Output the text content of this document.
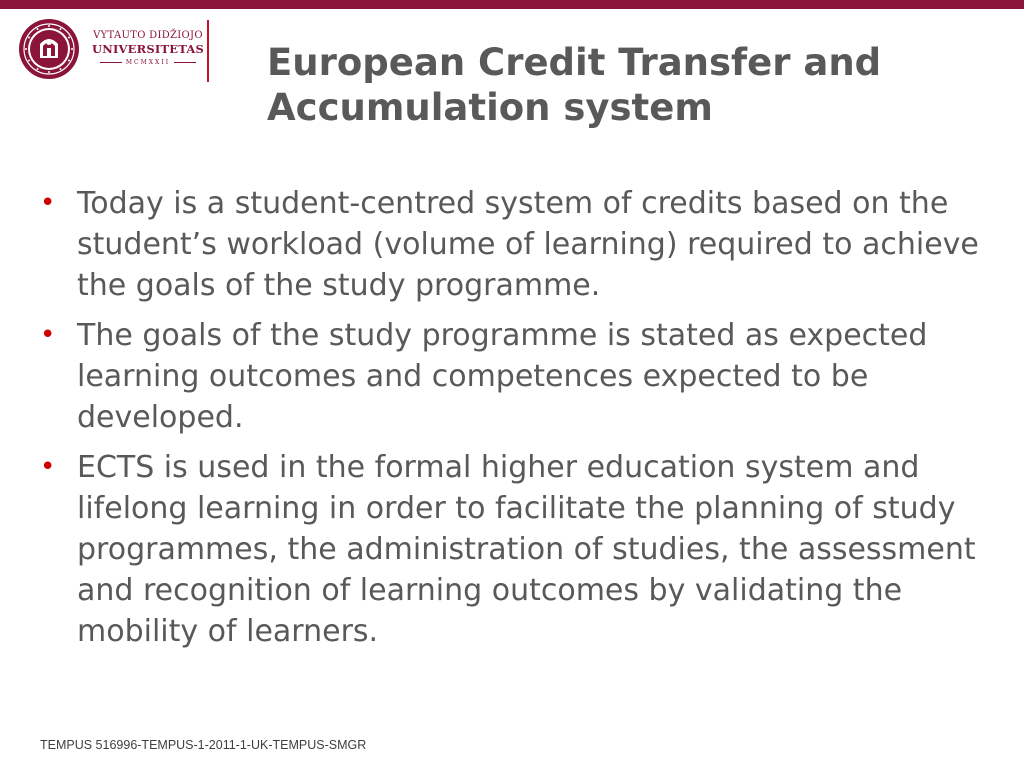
VYTAUTO DIDŽIOJO
UNIVERSITETAS
MCMXXII	European Credit Transfer and Accumulation system
• Today is a student-centred system of credits based on the student’s workload (volume of learning) required to achieve the goals of the study programme.
• The goals of the study programme is stated as expected learning outcomes and competences expected to be developed.
• ECTS is used in the formal higher education system and lifelong learning in order to facilitate the planning of study programmes, the administration of studies, the assessment and recognition of learning outcomes by validating the mobility of learners.
TEMPUS 516996-TEMPUS-1-2011-1-UK-TEMPUS-SMGR
